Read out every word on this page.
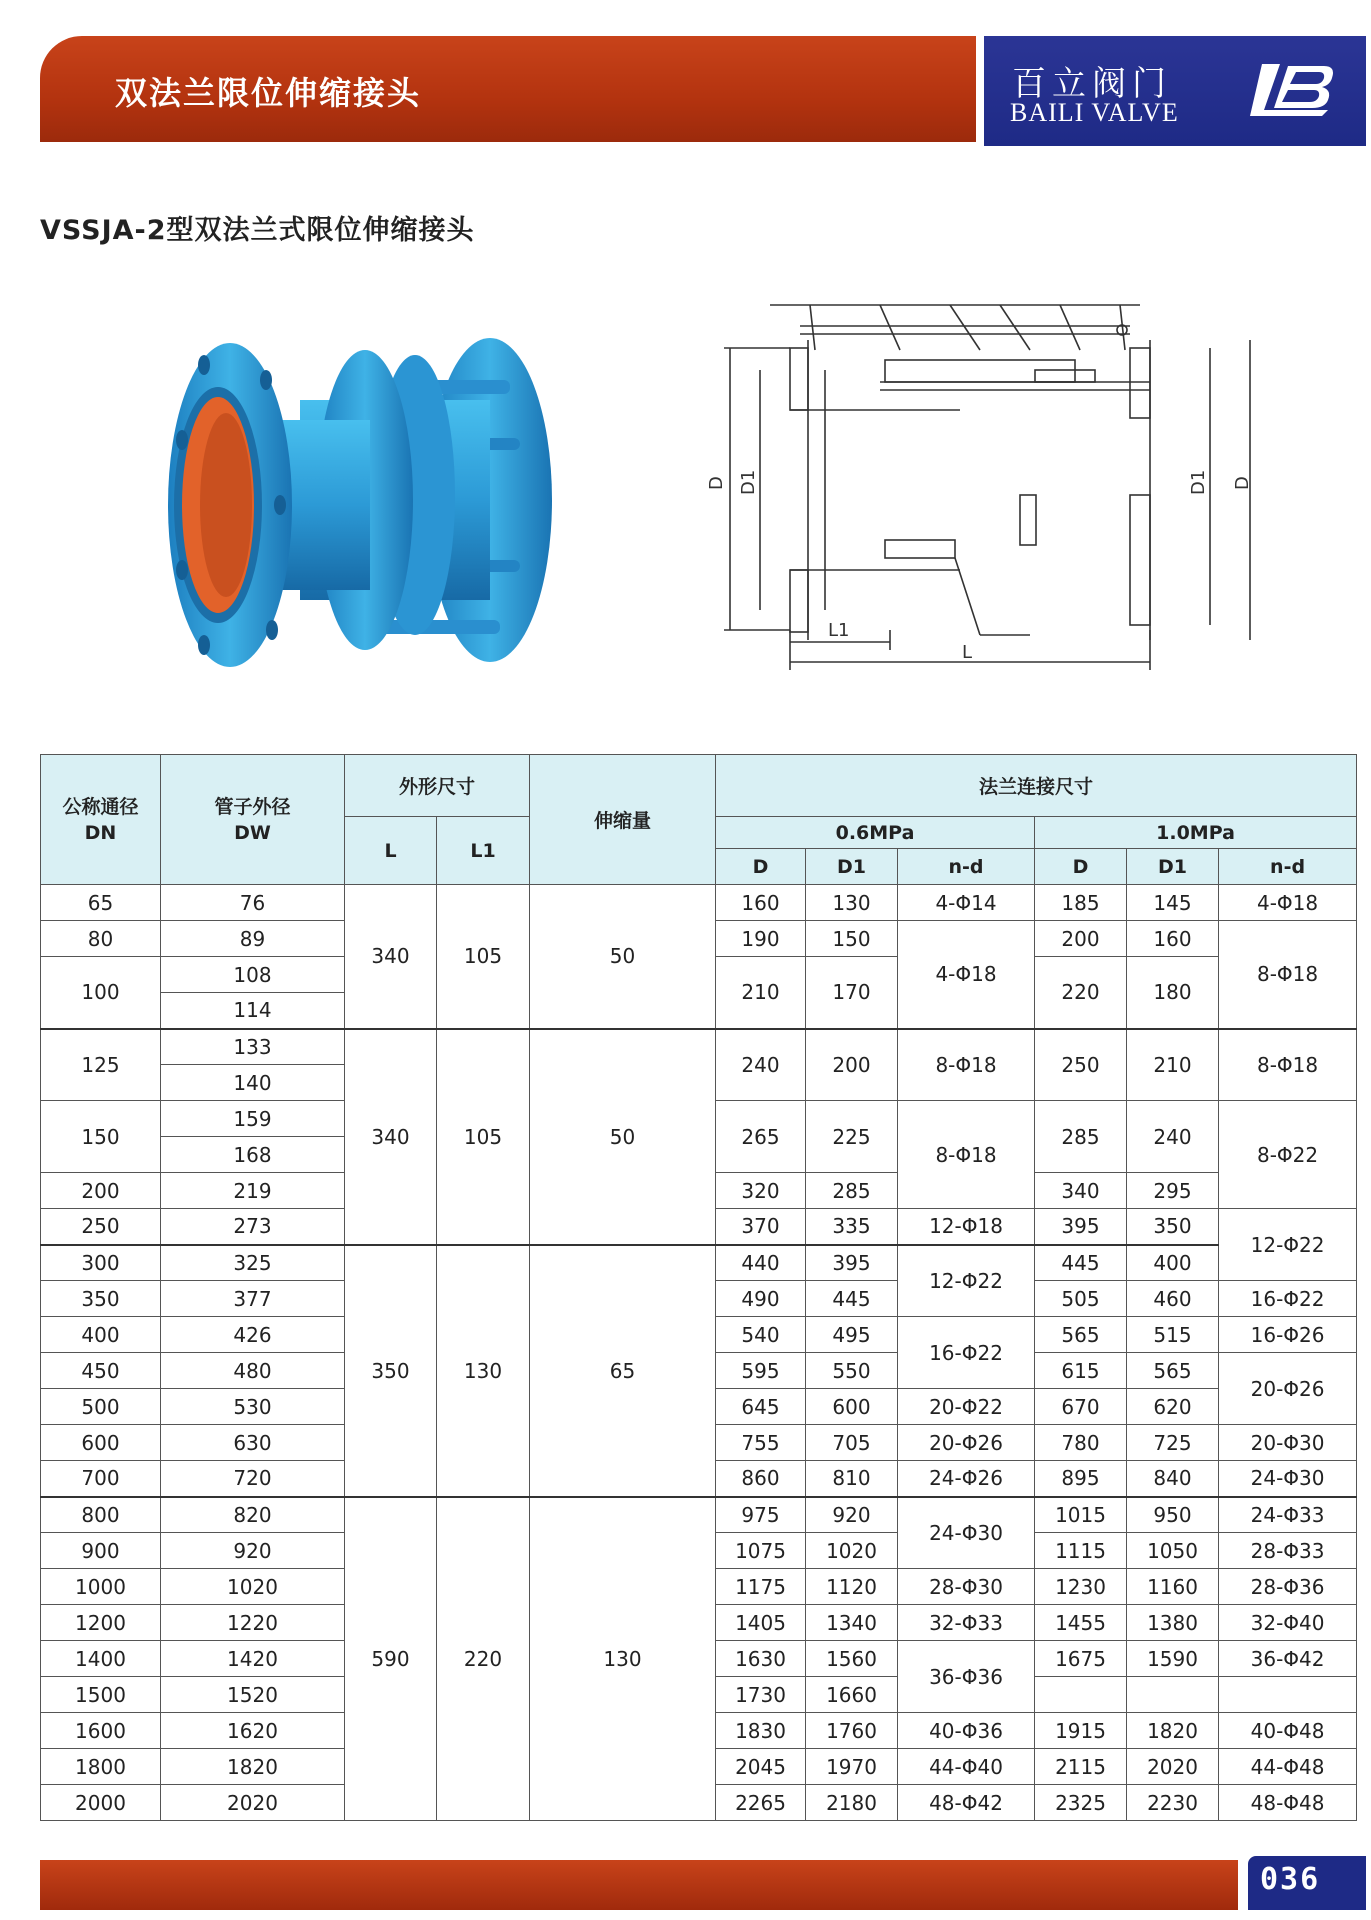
双法兰限位伸缩接头	百立阀门
BAILI VALVE
VSSJA-2型双法兰式限位伸缩接头
D D1	D1 D
L1
L
公称通径
DN	管子外径
DW	外形尺寸		伸缩量	法兰连接尺寸					
		L	L1		0.6MPa			1.0MPa		
					D	D1	n-d	D	D1	n-d
65	76	340	105	50	160	130	4-Φ14	185	145	4-Φ18
80	89				190	150	4-Φ18	200	160	8-Φ18
100	108				210	170		220	180	
	114									
125	133	340	105	50	240	200	8-Φ18	250	210	8-Φ18
	140									
150	159				265	225	8-Φ18	285	240	8-Φ22
	168									
200	219				320	285		340	295	
250	273				370	335	12-Φ18	395	350	12-Φ22
300	325	350	130	65	440	395	12-Φ22	445	400	
350	377				490	445		505	460	16-Φ22
400	426				540	495	16-Φ22	565	515	16-Φ26
450	480				595	550		615	565	20-Φ26
500	530				645	600	20-Φ22	670	620	
600	630				755	705	20-Φ26	780	725	20-Φ30
700	720				860	810	24-Φ26	895	840	24-Φ30
800	820	590	220	130	975	920	24-Φ30	1015	950	24-Φ33
900	920				1075	1020		1115	1050	28-Φ33
1000	1020				1175	1120	28-Φ30	1230	1160	28-Φ36
1200	1220				1405	1340	32-Φ33	1455	1380	32-Φ40
1400	1420				1630	1560	36-Φ36	1675	1590	36-Φ42
1500	1520				1730	1660				
1600	1620				1830	1760	40-Φ36	1915	1820	40-Φ48
1800	1820				2045	1970	44-Φ40	2115	2020	44-Φ48
2000	2020				2265	2180	48-Φ42	2325	2230	48-Φ48
036
